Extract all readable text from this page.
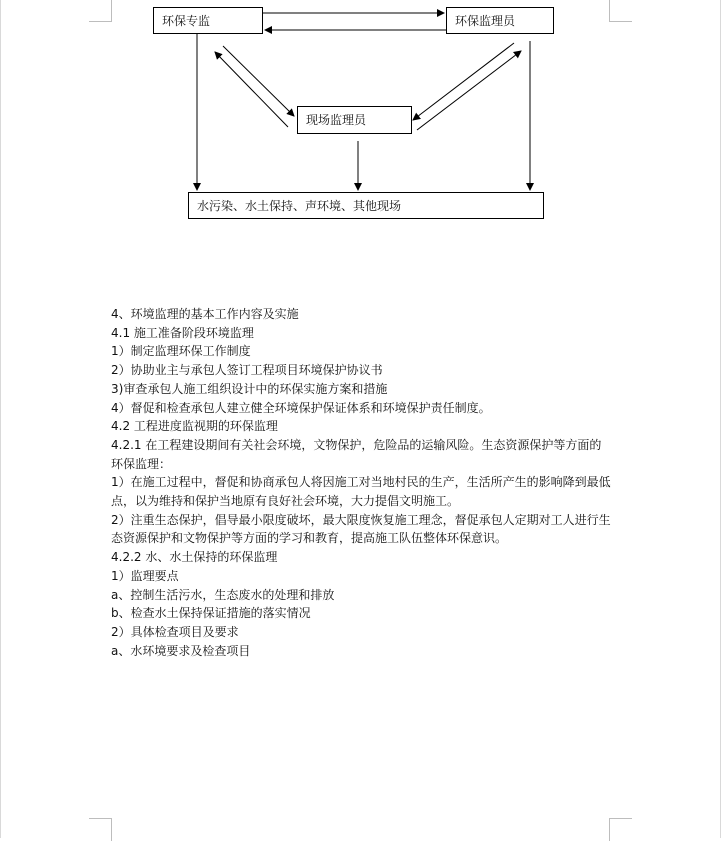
环保专监	环保监理员
现场监理员
水污染、水土保持、声环境、其他现场

4、环境监理的基本工作内容及实施

4.1 施工准备阶段环境监理

1）制定监理环保工作制度

2）协助业主与承包人签订工程项目环境保护协议书

3)审查承包人施工组织设计中的环保实施方案和措施

4）督促和检查承包人建立健全环境保护保证体系和环境保护责任制度。

4.2 工程进度监视期的环保监理

4.2.1 在工程建设期间有关社会环境，文物保护，危险品的运输风险。生态资源保护等方面的环保监理：

1）在施工过程中，督促和协商承包人将因施工对当地村民的生产，生活所产生的影响降到最低点，以为维持和保护当地原有良好社会环境，大力提倡文明施工。

2）注重生态保护，倡导最小限度破坏，最大限度恢复施工理念，督促承包人定期对工人进行生态资源保护和文物保护等方面的学习和教育，提高施工队伍整体环保意识。

4.2.2 水、水土保持的环保监理

1）监理要点

a、控制生活污水，生态废水的处理和排放

b、检查水土保持保证措施的落实情况

2）具体检查项目及要求

a、水环境要求及检查项目
